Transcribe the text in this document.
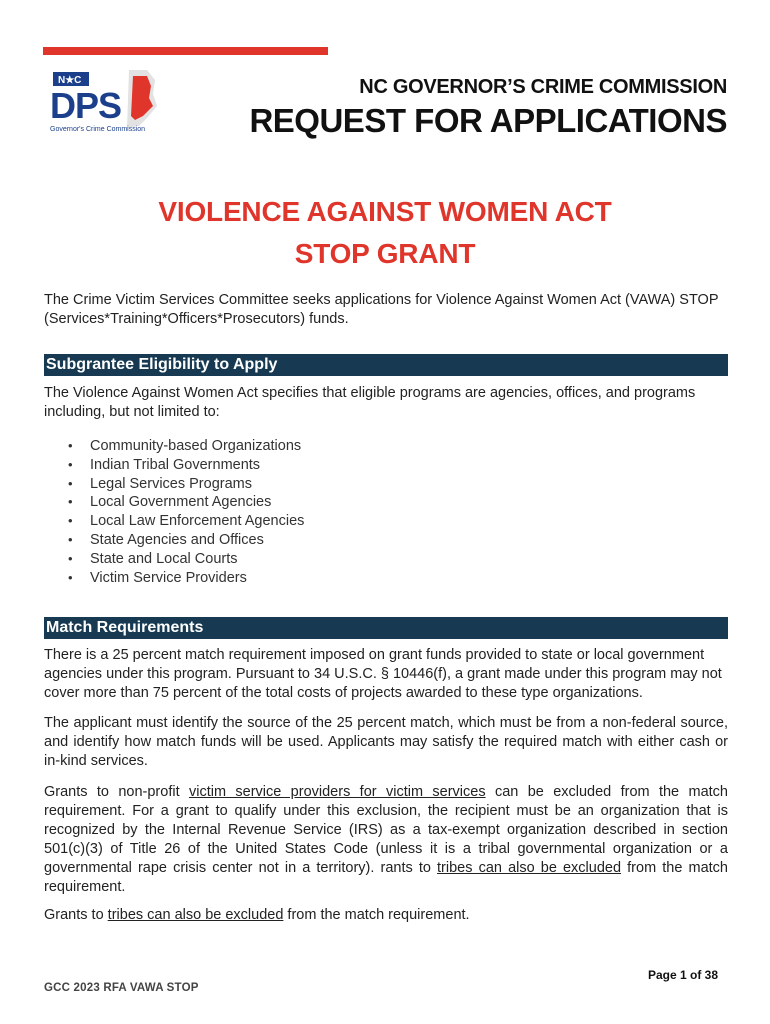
N★C
DPS
Governor's Crime Commission
NC GOVERNOR’S CRIME COMMISSION
REQUEST FOR APPLICATIONS
VIOLENCE AGAINST WOMEN ACT
STOP GRANT
The Crime Victim Services Committee seeks applications for Violence Against Women Act (VAWA) STOP (Services*Training*Officers*Prosecutors) funds.
Subgrantee Eligibility to Apply
The Violence Against Women Act specifies that eligible programs are agencies, offices, and programs including, but not limited to:
• Community-based Organizations
• Indian Tribal Governments
• Legal Services Programs
• Local Government Agencies
• Local Law Enforcement Agencies
• State Agencies and Offices
• State and Local Courts
• Victim Service Providers
Match Requirements
There is a 25 percent match requirement imposed on grant funds provided to state or local government agencies under this program. Pursuant to 34 U.S.C. § 10446(f), a grant made under this program may not cover more than 75 percent of the total costs of projects awarded to these type organizations.
The applicant must identify the source of the 25 percent match, which must be from a non-federal source, and identify how match funds will be used. Applicants may satisfy the required match with either cash or in-kind services.
Grants to non-profit victim service providers for victim services can be excluded from the match requirement. For a grant to qualify under this exclusion, the recipient must be an organization that is recognized by the Internal Revenue Service (IRS) as a tax-exempt organization described in section 501(c)(3) of Title 26 of the United States Code (unless it is a tribal governmental organization or a governmental rape crisis center not in a territory). rants to tribes can also be excluded from the match requirement.
Grants to tribes can also be excluded from the match requirement.
Page 1 of 38
GCC 2023 RFA VAWA STOP
